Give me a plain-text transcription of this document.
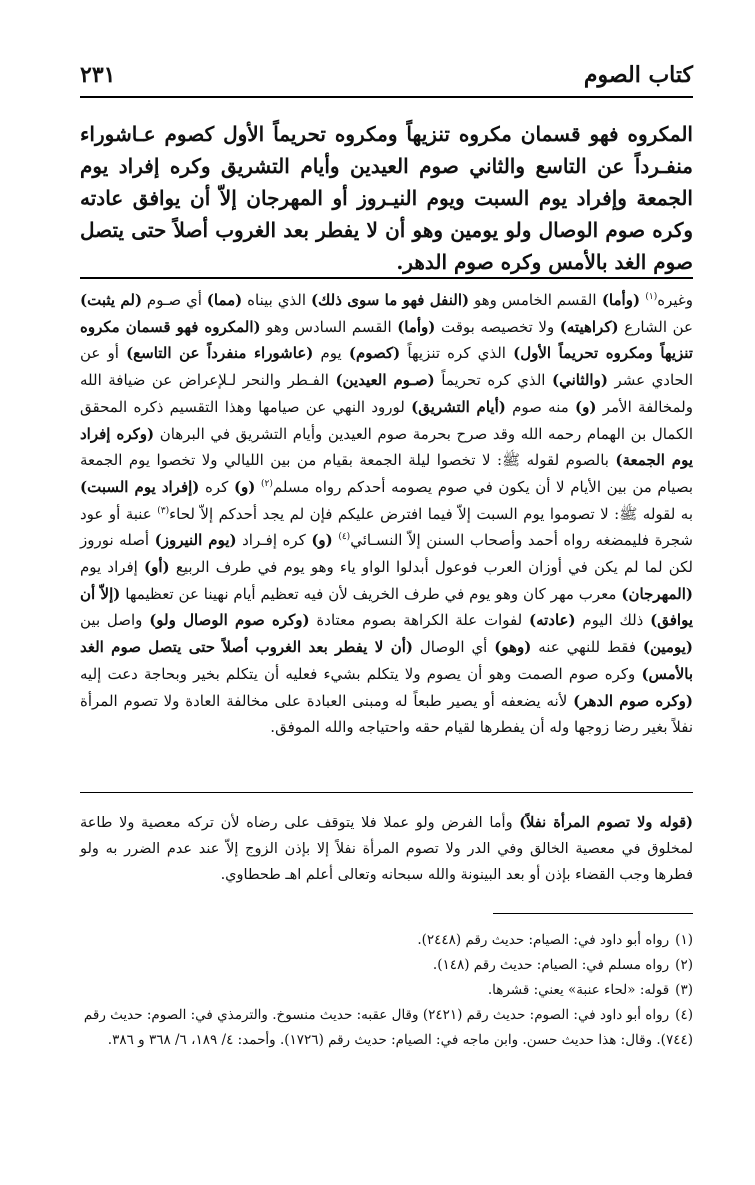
كتاب الصوم
٢٣١
المكروه فهو قسمان مكروه تنزيهاً ومكروه تحريماً الأول كصوم عـاشوراء منفـرداً عن التاسع والثاني صوم العيدين وأيام التشريق وكره إفراد يوم الجمعة وإفراد يوم السبت ويوم النيـروز أو المهرجان إلاّ أن يوافق عادته وكره صوم الوصال ولو يومين وهو أن لا يفطر بعد الغروب أصلاً حتى يتصل صوم الغد بالأمس وكره صوم الدهر.
وغيره$^{(١)}$ (وأما) القسم الخامس وهو (النفل فهو ما سوى ذلك) الذي بيناه (مما) أي صـوم (لم يثبت) عن الشارع (كراهيته) ولا تخصيصه بوقت (وأما) القسم السادس وهو (المكروه فهو قسمان مكروه تنزيهاً ومكروه تحريماً الأول) الذي كره تنزيهاً (كصوم) يوم (عاشوراء منفرداً عن التاسع) أو عن الحادي عشر (والثاني) الذي كره تحريماً (صـوم العيدين) الفـطر والنحر لـلإعراض عن ضيافة الله ولمخالفة الأمر (و) منه صوم (أيام التشريق) لورود النهي عن صيامها وهذا التقسيم ذكره المحقق الكمال بن الهمام رحمه الله وقد صرح بحرمة صوم العيدين وأيام التشريق في البرهان (وكره إفراد يوم الجمعة) بالصوم لقوله ﷺ: لا تخصوا ليلة الجمعة بقيام من بين الليالي ولا تخصوا يوم الجمعة بصيام من بين الأيام لا أن يكون في صوم يصومه أحدكم رواه مسلم$^{(٢)}$ (و) كره (إفراد يوم السبت) به لقوله ﷺ: لا تصوموا يوم السبت إلاّ فيما افترض عليكم فإن لم يجد أحدكم إلاّ لحاء$^{(٣)}$ عنبة أو عود شجرة فليمضغه رواه أحمد وأصحاب السنن إلاّ النسـائي$^{(٤)}$ (و) كره إفـراد (يوم النيروز) أصله نوروز لكن لما لم يكن في أوزان العرب فوعول أبدلوا الواو ياء وهو يوم في طرف الربيع (أو) إفراد يوم (المهرجان) معرب مهر كان وهو يوم في طرف الخريف لأن فيه تعظيم أيام نهينا عن تعظيمها (إلاّ أن يوافق) ذلك اليوم (عادته) لفوات علة الكراهة بصوم معتادة (وكره صوم الوصال ولو) واصل بين (يومين) فقط للنهي عنه (وهو) أي الوصال (أن لا يفطر بعد الغروب أصلاً حتى يتصل صوم الغد بالأمس) وكره صوم الصمت وهو أن يصوم ولا يتكلم بشيء فعليه أن يتكلم بخير وبحاجة دعت إليه (وكره صوم الدهر) لأنه يضعفه أو يصير طبعاً له ومبنى العبادة على مخالفة العادة ولا تصوم المرأة نفلاً بغير رضا زوجها وله أن يفطرها لقيام حقه واحتياجه والله الموفق.
(قوله ولا تصوم المرأة نفلاً) وأما الفرض ولو عملا فلا يتوقف على رضاه لأن تركه معصية ولا طاعة لمخلوق في معصية الخالق وفي الدر ولا تصوم المرأة نفلاً إلا بإذن الزوج إلاّ عند عدم الضرر به ولو فطرها وجب القضاء بإذن أو بعد البينونة والله سبحانه وتعالى أعلم اهـ طحطاوي.

(١)رواه أبو داود في: الصيام: حديث رقم (٢٤٤٨).

(٢)رواه مسلم في: الصيام: حديث رقم (١٤٨).

(٣)قوله: «لحاء عنبة» يعني: قشرها.

(٤)رواه أبو داود في: الصوم: حديث رقم (٢٤٢١) وقال عقبه: حديث منسوخ. والترمذي في: الصوم: حديث رقم (٧٤٤). وقال: هذا حديث حسن. وابن ماجه في: الصيام: حديث رقم (١٧٢٦). وأحمد: ٤/ ١٨٩، ٦/ ٣٦٨ و ٣٨٦.
